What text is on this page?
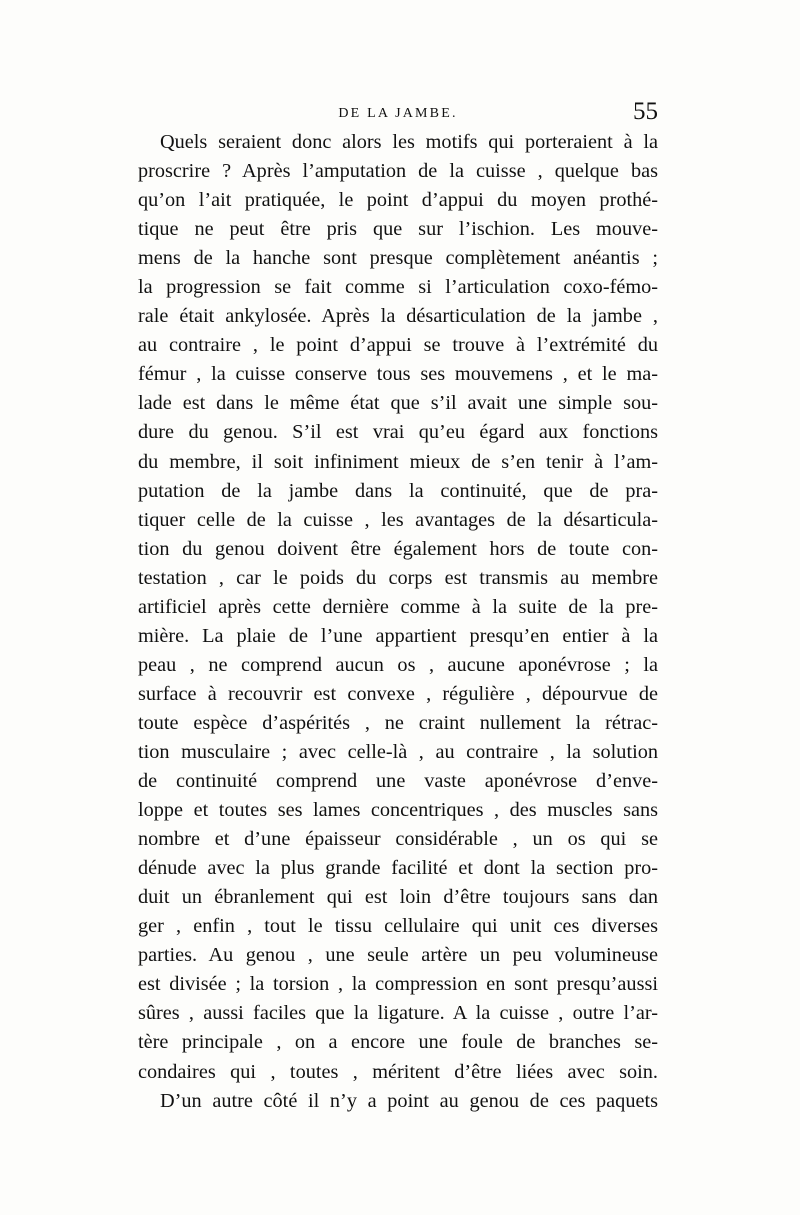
DE LA JAMBE.	55
Quels seraient donc alors les motifs qui porteraient à la
proscrire ? Après l’amputation de la cuisse , quelque bas
qu’on l’ait pratiquée, le point d’appui du moyen prothé-
tique ne peut être pris que sur l’ischion. Les mouve-
mens de la hanche sont presque complètement anéantis ;
la progression se fait comme si l’articulation coxo-fémo-
rale était ankylosée. Après la désarticulation de la jambe ,
au contraire , le point d’appui se trouve à l’extrémité du
fémur , la cuisse conserve tous ses mouvemens , et le ma-
lade est dans le même état que s’il avait une simple sou-
dure du genou. S’il est vrai qu’eu égard aux fonctions
du membre, il soit infiniment mieux de s’en tenir à l’am-
putation de la jambe dans la continuité, que de pra-
tiquer celle de la cuisse , les avantages de la désarticula-
tion du genou doivent être également hors de toute con-
testation , car le poids du corps est transmis au membre
artificiel après cette dernière comme à la suite de la pre-
mière. La plaie de l’une appartient presqu’en entier à la
peau , ne comprend aucun os , aucune aponévrose ; la
surface à recouvrir est convexe , régulière , dépourvue de
toute espèce d’aspérités , ne craint nullement la rétrac-
tion musculaire ; avec celle-là , au contraire , la solution
de continuité comprend une vaste aponévrose d’enve-
loppe et toutes ses lames concentriques , des muscles sans
nombre et d’une épaisseur considérable , un os qui se
dénude avec la plus grande facilité et dont la section pro-
duit un ébranlement qui est loin d’être toujours sans dan
ger , enfin , tout le tissu cellulaire qui unit ces diverses
parties. Au genou , une seule artère un peu volumineuse
est divisée ; la torsion , la compression en sont presqu’aussi
sûres , aussi faciles que la ligature. A la cuisse , outre l’ar-
tère principale , on a encore une foule de branches se-
condaires qui , toutes , méritent d’être liées avec soin.
D’un autre côté il n’y a point au genou de ces paquets
